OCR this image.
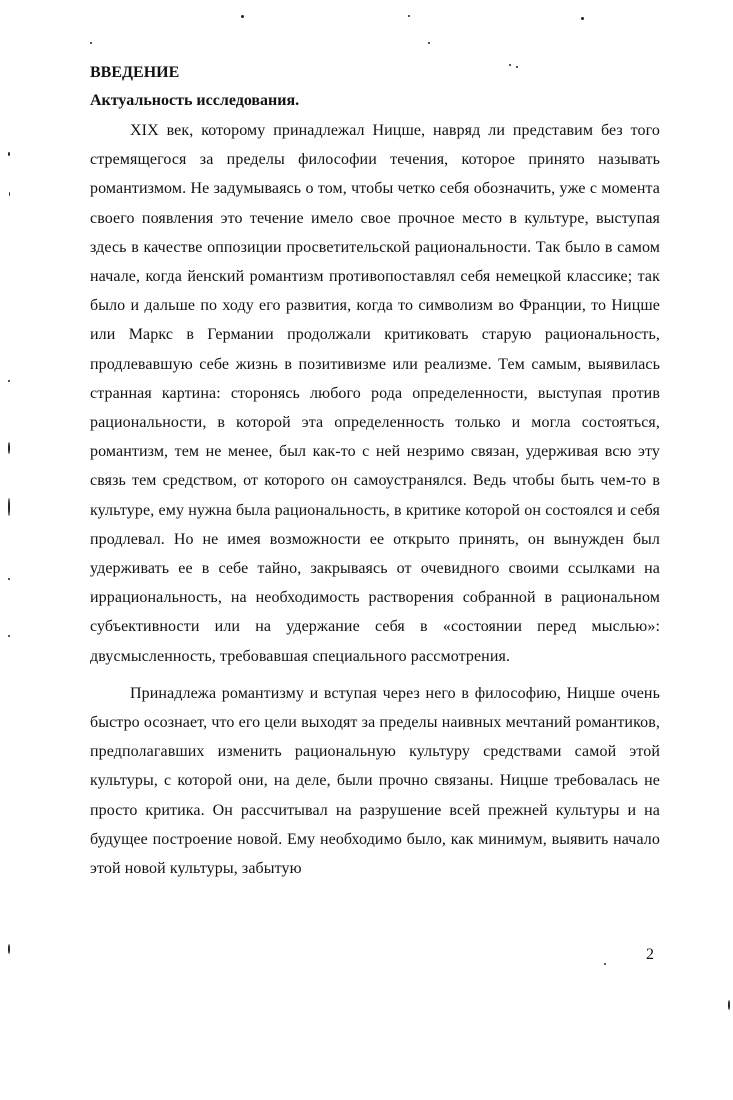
ВВЕДЕНИЕ

Актуальность исследования.

XIX век, которому принадлежал Ницше, навряд ли представим без того стремящегося за пределы философии течения, которое принято называть романтизмом. Не задумываясь о том, чтобы четко себя обозначить, уже с момента своего появления это течение имело свое прочное место в культуре, выступая здесь в качестве оппозиции просветительской рациональности. Так было в самом начале, когда йенский романтизм противопоставлял себя немецкой классике; так было и дальше по ходу его развития, когда то символизм во Франции, то Ницше или Маркс в Германии продолжали критиковать старую рациональность, продлевавшую себе жизнь в позитивизме или реализме. Тем самым, выявилась странная картина: сторонясь любого рода определенности, выступая против рациональности, в которой эта определенность только и могла состояться, романтизм, тем не менее, был как-то с ней незримо связан, удерживая всю эту связь тем средством, от которого он самоустранялся. Ведь чтобы быть чем-то в культуре, ему нужна была рациональность, в критике которой он состоялся и себя продлевал. Но не имея возможности ее открыто принять, он вынужден был удерживать ее в себе тайно, закрываясь от очевидного своими ссылками на иррациональность, на необходимость растворения собранной в рациональном субъективности или на удержание себя в «состоянии перед мыслью»: двусмысленность, требовавшая специального рассмотрения.

Принадлежа романтизму и вступая через него в философию, Ницше очень быстро осознает, что его цели выходят за пределы наивных мечтаний романтиков, предполагавших изменить рациональную культуру средствами самой этой культуры, с которой они, на деле, были прочно связаны. Ницше требовалась не просто критика. Он рассчитывал на разрушение всей прежней культуры и на будущее построение новой. Ему необходимо было, как минимум, выявить начало этой новой культуры, забытую

2
